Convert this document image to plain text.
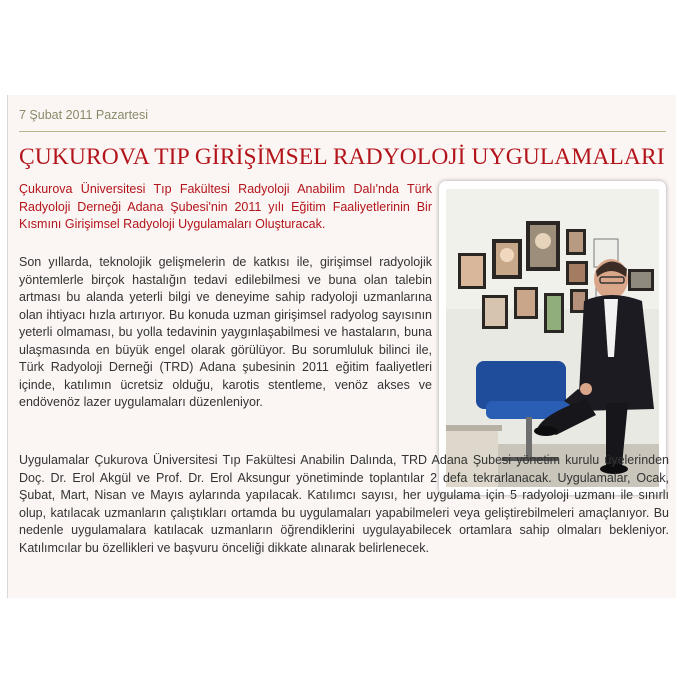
7 Şubat 2011 Pazartesi
ÇUKUROVA TIP GİRİŞİMSEL RADYOLOJİ UYGULAMALARI

Çukurova Üniversitesi Tıp Fakültesi Radyoloji Anabilim Dalı'nda Türk Radyoloji Derneği Adana Şubesi'nin 2011 yılı Eğitim Faaliyetlerinin Bir Kısmını Girişimsel Radyoloji Uygulamaları Oluşturacak.

Son yıllarda, teknolojik gelişmelerin de katkısı ile, girişimsel radyolojik yöntemlerle birçok hastalığın tedavi edilebilmesi ve buna olan talebin artması bu alanda yeterli bilgi ve deneyime sahip radyoloji uzmanlarına olan ihtiyacı hızla artırıyor. Bu konuda uzman girişimsel radyolog sayısının yeterli olmaması, bu yolla tedavinin yaygınlaşabilmesi ve hastaların, buna ulaşmasında en büyük engel olarak görülüyor. Bu sorumluluk bilinci ile, Türk Radyoloji Derneği (TRD) Adana şubesinin 2011 eğitim faaliyetleri içinde, katılımın ücretsiz olduğu, karotis stentleme, venöz akses ve endövenöz lazer uygulamaları düzenleniyor.

Uygulamalar Çukurova Üniversitesi Tıp Fakültesi Anabilin Dalında, TRD Adana Şubesi yönetim kurulu üyelerinden Doç. Dr. Erol Akgül ve Prof. Dr. Erol Aksungur yönetiminde toplantılar 2 defa tekrarlanacak. Uygulamalar, Ocak, Şubat, Mart, Nisan ve Mayıs aylarında yapılacak. Katılımcı sayısı, her uygulama için 5 radyoloji uzmanı ile sınırlı olup, katılacak uzmanların çalıştıkları ortamda bu uygulamaları yapabilmeleri veya geliştirebilmeleri amaçlanıyor. Bu nedenle uygulamalara katılacak uzmanların öğrendiklerini uygulayabilecek ortamlara sahip olmaları bekleniyor. Katılımcılar bu özellikleri ve başvuru önceliği dikkate alınarak belirlenecek.
